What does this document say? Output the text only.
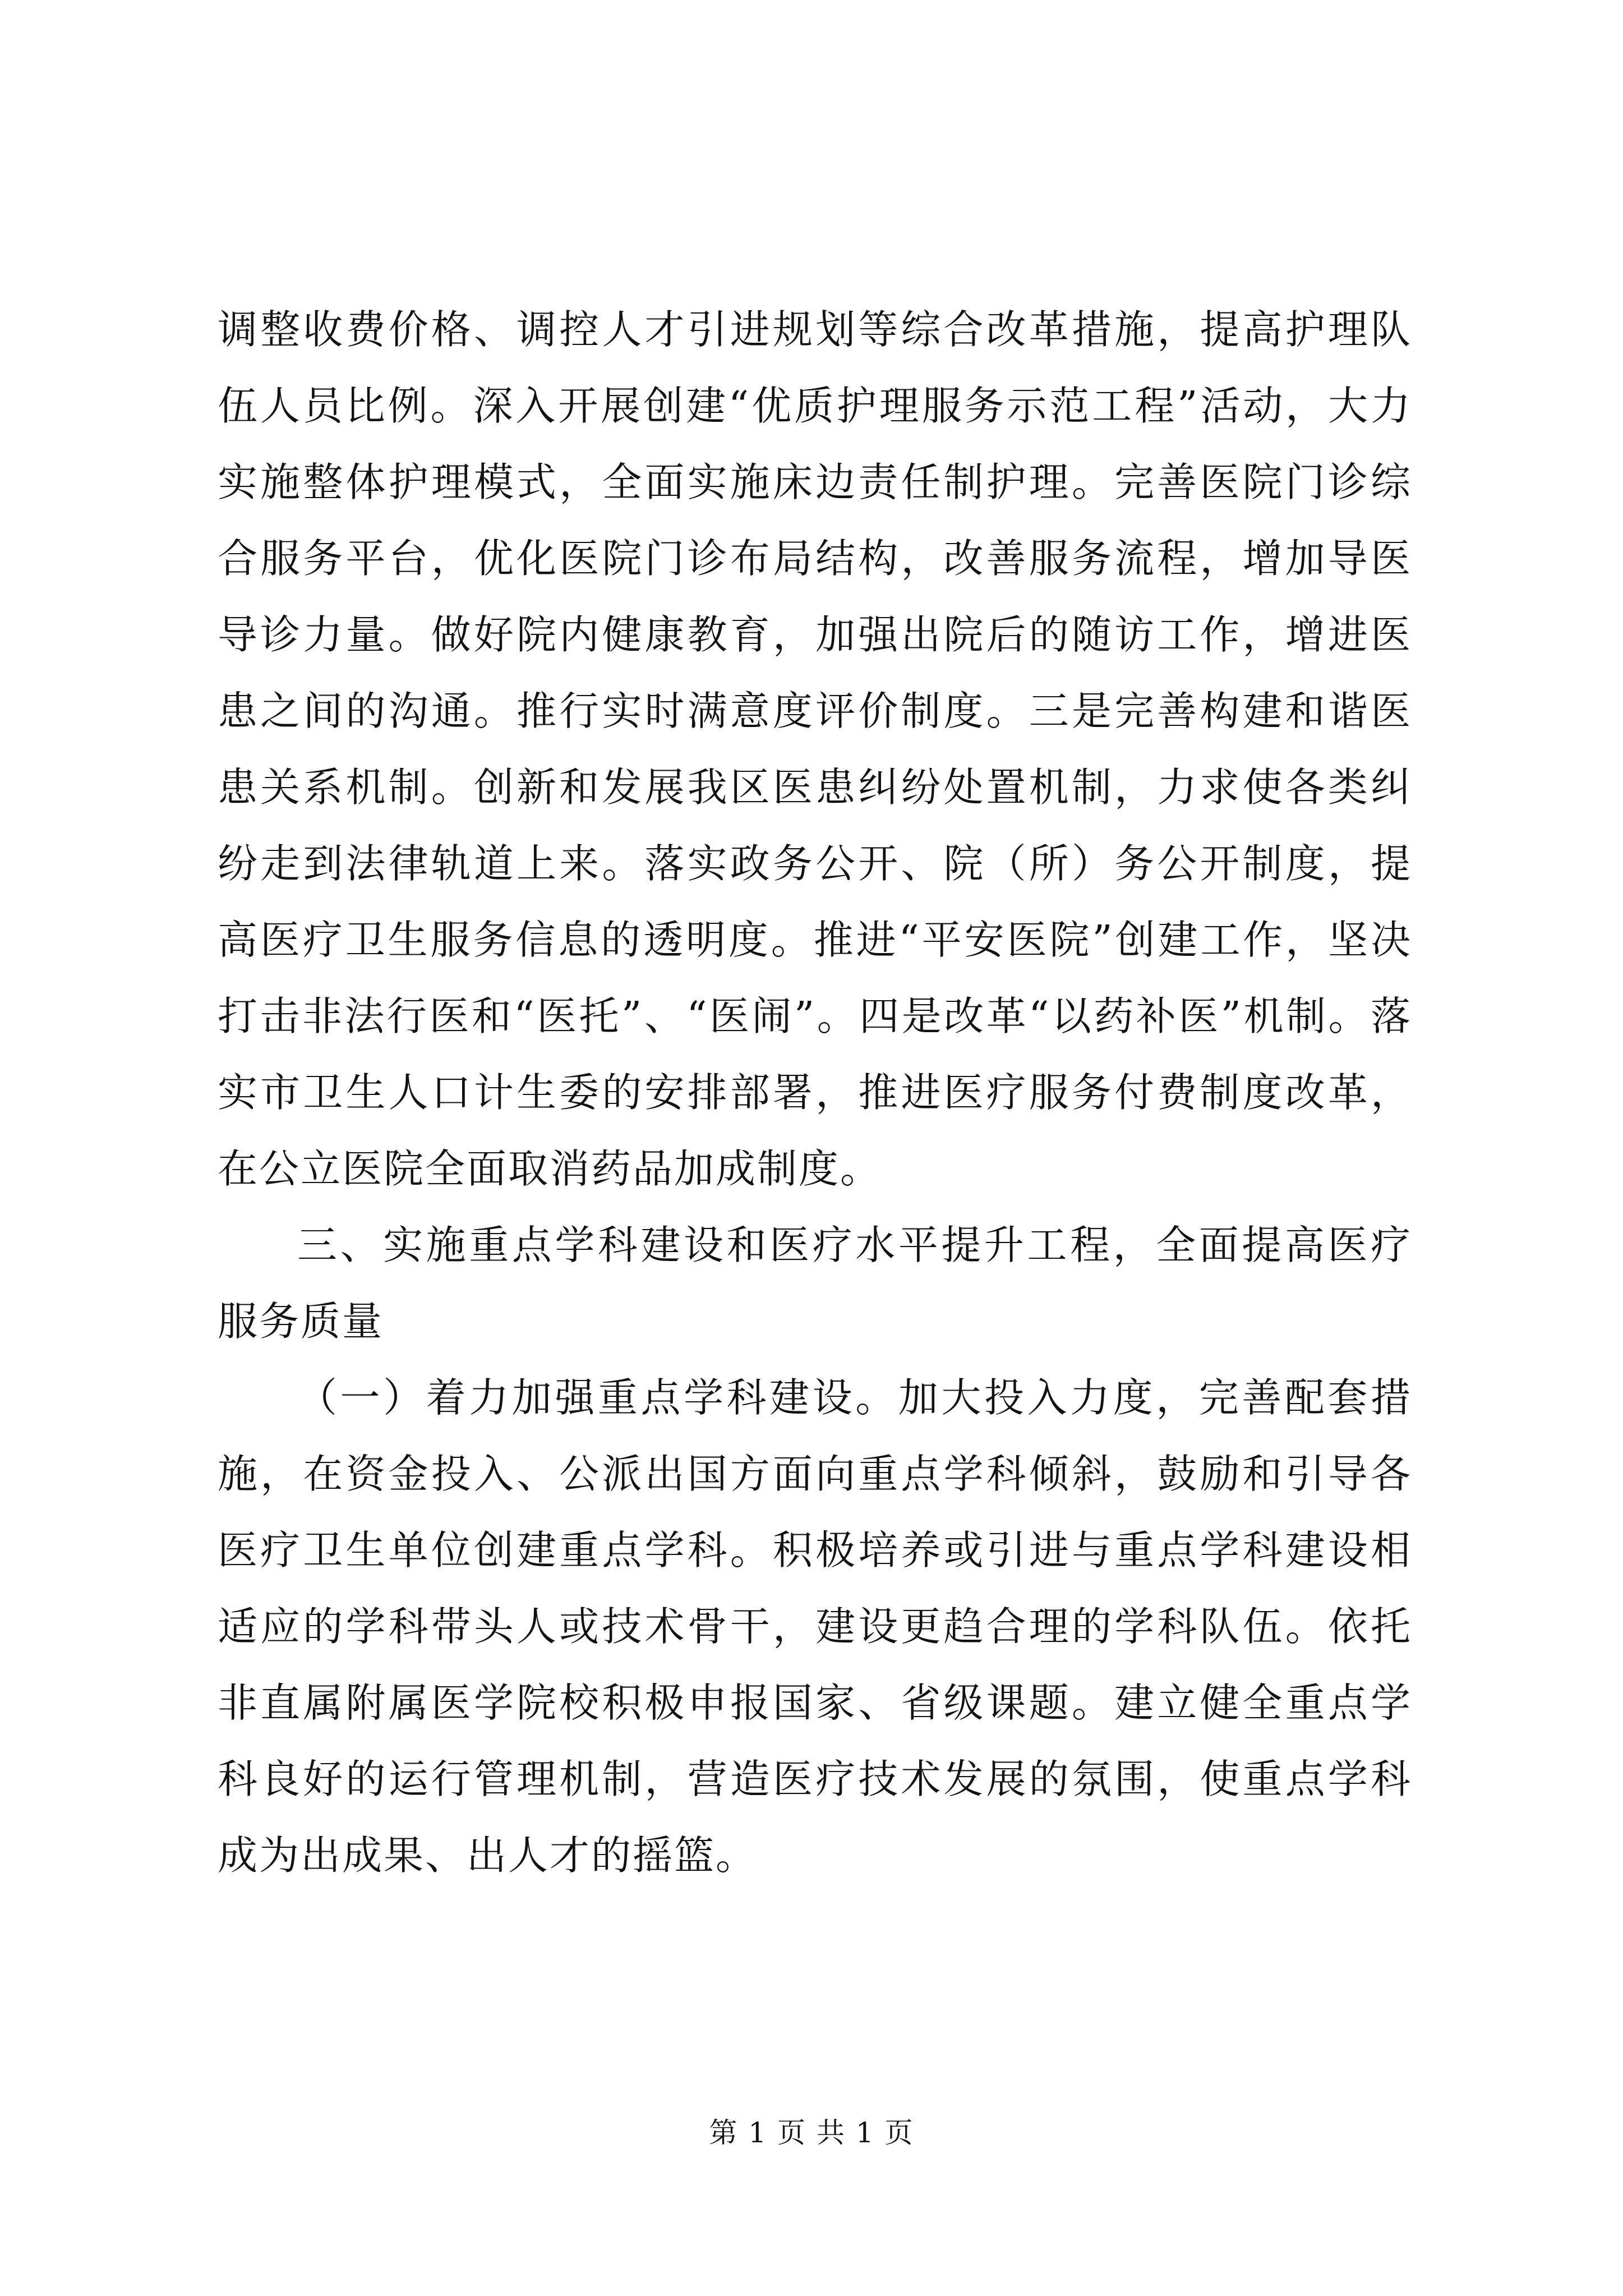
调整收费价格、调控人才引进规划等综合改革措施，提高护理队伍人员比例。深入开展创建“优质护理服务示范工程”活动，大力实施整体护理模式，全面实施床边责任制护理。完善医院门诊综合服务平台，优化医院门诊布局结构，改善服务流程，增加导医导诊力量。做好院内健康教育，加强出院后的随访工作，增进医患之间的沟通。推行实时满意度评价制度。三是完善构建和谐医患关系机制。创新和发展我区医患纠纷处置机制，力求使各类纠纷走到法律轨道上来。落实政务公开、院（所）务公开制度，提高医疗卫生服务信息的透明度。推进“平安医院”创建工作，坚决打击非法行医和“医托”、“医闹”。四是改革“以药补医”机制。落实市卫生人口计生委的安排部署，推进医疗服务付费制度改革，在公立医院全面取消药品加成制度。

三、实施重点学科建设和医疗水平提升工程，全面提高医疗服务质量

（一）着力加强重点学科建设。加大投入力度，完善配套措施，在资金投入、公派出国方面向重点学科倾斜，鼓励和引导各医疗卫生单位创建重点学科。积极培养或引进与重点学科建设相适应的学科带头人或技术骨干，建设更趋合理的学科队伍。依托非直属附属医学院校积极申报国家、省级课题。建立健全重点学科良好的运行管理机制，营造医疗技术发展的氛围，使重点学科成为出成果、出人才的摇篮。

第 1 页 共 1 页
